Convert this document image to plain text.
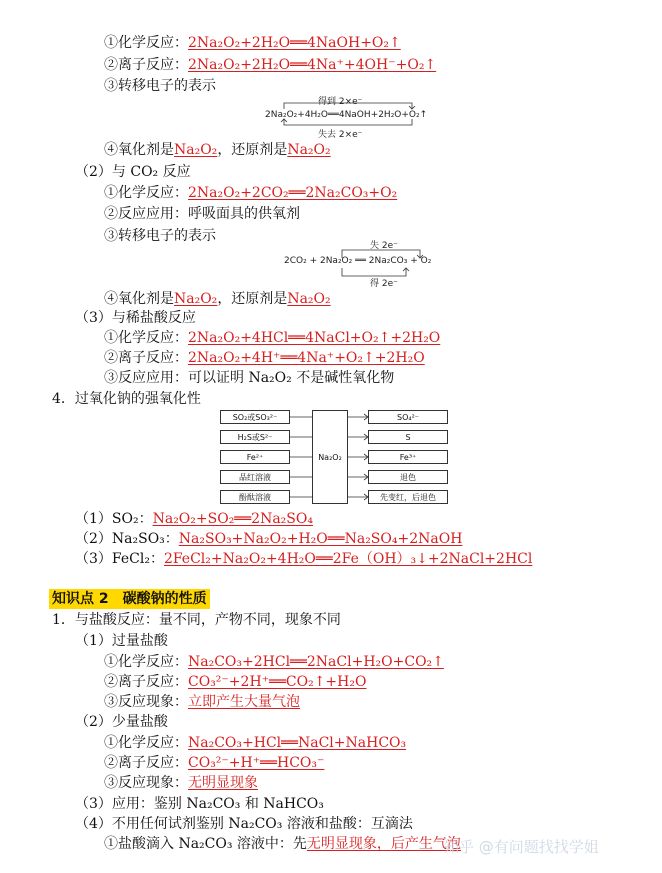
①化学反应：2Na₂O₂+2H₂O══4NaOH+O₂↑
②离子反应：2Na₂O₂+2H₂O══4Na⁺+4OH⁻+O₂↑
③转移电子的表示
得到 2×e⁻
2Na₂O₂+4H₂O══4NaOH+2H₂O+O₂↑
失去 2×e⁻
④氧化剂是Na₂O₂，还原剂是Na₂O₂
（2）与 CO₂ 反应
①化学反应：2Na₂O₂+2CO₂══2Na₂CO₃+O₂
②反应应用：呼吸面具的供氧剂
③转移电子的表示
失 2e⁻
2CO₂ + 2Na₂O₂ ══ 2Na₂CO₃ + O₂
得 2e⁻
④氧化剂是Na₂O₂，还原剂是Na₂O₂
（3）与稀盐酸反应
①化学反应：2Na₂O₂+4HCl══4NaCl+O₂↑+2H₂O
②离子反应：2Na₂O₂+4H⁺══4Na⁺+O₂↑+2H₂O
③反应应用：可以证明 Na₂O₂ 不是碱性氧化物
4．过氧化钠的强氧化性
SO₂或SO₃²⁻
H₂S或S²⁻
Fe²⁺
品红溶液
酚酞溶液
Na₂O₂
SO₄²⁻
S
Fe³⁺
退色
先变红，后退色
（1）SO₂：Na₂O₂+SO₂══2Na₂SO₄
（2）Na₂SO₃：Na₂SO₃+Na₂O₂+H₂O══Na₂SO₄+2NaOH
（3）FeCl₂：2FeCl₂+Na₂O₂+4H₂O══2Fe（OH）₃↓+2NaCl+2HCl
知识点 2　碳酸钠的性质
1．与盐酸反应：量不同，产物不同，现象不同
（1）过量盐酸
①化学反应：Na₂CO₃+2HCl══2NaCl+H₂O+CO₂↑
②离子反应：CO₃²⁻+2H⁺══CO₂↑+H₂O
③反应现象：立即产生大量气泡
（2）少量盐酸
①化学反应：Na₂CO₃+HCl══NaCl+NaHCO₃
②离子反应：CO₃²⁻+H⁺══HCO₃⁻
③反应现象：无明显现象
（3）应用：鉴别 Na₂CO₃ 和 NaHCO₃
（4）不用任何试剂鉴别 Na₂CO₃ 溶液和盐酸：互滴法
①盐酸滴入 Na₂CO₃ 溶液中：先无明显现象，后产生气泡
知乎 @有问题找找学姐
